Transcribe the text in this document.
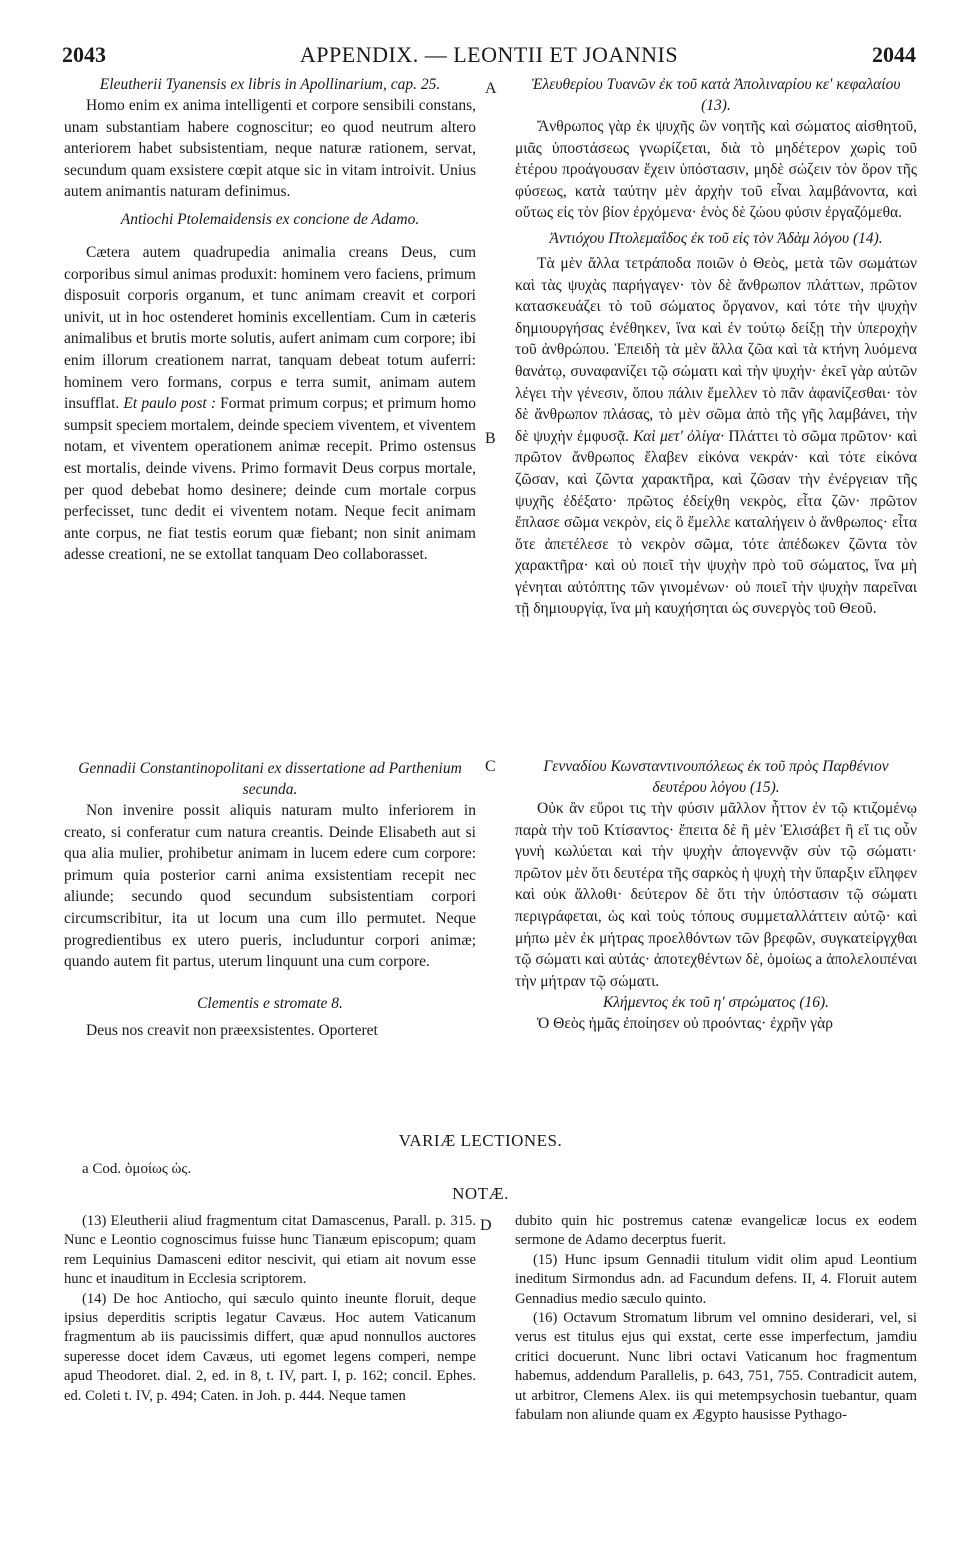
2043	APPENDIX. — LEONTII ET JOANNIS	2044
Eleutherii Tyanensis ex libris in Apollinarium, cap. 25.
Homo enim ex anima intelligenti et corpore sensibili constans, unam substantiam habere cognoscitur; eo quod neutrum altero anteriorem habet subsistentiam, neque naturæ rationem, servat, secundum quam exsistere cœpit atque sic in vitam introivit. Unius autem animantis naturam definimus.
Antiochi Ptolemaidensis ex concione de Adamo.
Cætera autem quadrupedia animalia creans Deus, cum corporibus simul animas produxit: hominem vero faciens, primum disposuit corporis organum, et tunc animam creavit et corpori univit, ut in hoc ostenderet hominis excellentiam. Cum in cæteris animalibus et brutis morte solutis, aufert animam cum corpore; ibi enim illorum creationem narrat, tanquam debeat totum auferri: hominem vero formans, corpus e terra sumit, animam autem insufflat. Et paulo post : Format primum corpus; et primum homo sumpsit speciem mortalem, deinde speciem viventem, et viventem notam, et viventem operationem animæ recepit. Primo ostensus est mortalis, deinde vivens. Primo formavit Deus corpus mortale, per quod debebat homo desinere; deinde cum mortale corpus perfecisset, tunc dedit ei viventem notam. Neque fecit animam ante corpus, ne fiat testis eorum quæ fiebant; non sinit animam adesse creationi, ne se extollat tanquam Deo collaborasset.
Gennadii Constantinopolitani ex dissertatione ad Parthenium secunda.
Non invenire possit aliquis naturam multo inferiorem in creato, si conferatur cum natura creantis. Deinde Elisabeth aut si qua alia mulier, prohibetur animam in lucem edere cum corpore: primum quia posterior carni anima exsistentiam recepit nec aliunde; secundo quod secundum subsistentiam corpori circumscribitur, ita ut locum una cum illo permutet. Neque progredientibus ex utero pueris, includuntur corpori animæ; quando autem fit partus, uterum linquunt una cum corpore.
Clementis e stromate 8.
Deus nos creavit non præexsistentes. Oporteret
Ἐλευθερίου Τυανῶν ἐκ τοῦ κατὰ Ἀπολιναρίου κε' κεφαλαίου (13).
Ἄνθρωπος γὰρ ἐκ ψυχῆς ὢν νοητῆς καὶ σώματος αἰσθητοῦ, μιᾶς ὑποστάσεως γνωρίζεται, διὰ τὸ μηδέτερον χωρὶς τοῦ ἑτέρου προάγουσαν ἔχειν ὑπόστασιν, μηδὲ σώζειν τὸν ὅρον τῆς φύσεως, κατὰ ταύτην μὲν ἀρχὴν τοῦ εἶναι λαμβάνοντα, καὶ οὕτως εἰς τὸν βίον ἐρχόμενα· ἑνὸς δὲ ζώου φύσιν ἐργαζόμεθα.
Ἀντιόχου Πτολεμαΐδος ἐκ τοῦ εἰς τὸν Ἀδὰμ λόγου (14).
Τὰ μὲν ἄλλα τετράποδα ποιῶν ὁ Θεὸς, μετὰ τῶν σωμάτων καὶ τὰς ψυχὰς παρήγαγεν· τὸν δὲ ἄνθρωπον πλάττων, πρῶτον κατασκευάζει τὸ τοῦ σώματος ὄργανον, καὶ τότε τὴν ψυχὴν δημιουργήσας ἐνέθηκεν, ἵνα καὶ ἐν τούτῳ δείξῃ τὴν ὑπεροχὴν τοῦ ἀνθρώπου. Ἐπειδὴ τὰ μὲν ἄλλα ζῶα καὶ τὰ κτήνη λυόμενα θανάτῳ, συναφανίζει τῷ σώματι καὶ τὴν ψυχήν· ἐκεῖ γὰρ αὐτῶν λέγει τὴν γένεσιν, ὅπου πάλιν ἔμελλεν τὸ πᾶν ἀφανίζεσθαι· τὸν δὲ ἄνθρωπον πλάσας, τὸ μὲν σῶμα ἀπὸ τῆς γῆς λαμβάνει, τὴν δὲ ψυχὴν ἐμφυσᾷ. Καὶ μετ' ὀλίγα· Πλάττει τὸ σῶμα πρῶτον· καὶ πρῶτον ἄνθρωπος ἔλαβεν εἰκόνα νεκράν· καὶ τότε εἰκόνα ζῶσαν, καὶ ζῶντα χαρακτῆρα, καὶ ζῶσαν τὴν ἐνέργειαν τῆς ψυχῆς ἐδέξατο· πρῶτος ἐδείχθη νεκρὸς, εἶτα ζῶν· πρῶτον ἔπλασε σῶμα νεκρὸν, εἰς ὃ ἔμελλε καταλήγειν ὁ ἄνθρωπος· εἶτα ὅτε ἀπετέλεσε τὸ νεκρὸν σῶμα, τότε ἀπέδωκεν ζῶντα τὸν χαρακτῆρα· καὶ οὐ ποιεῖ τὴν ψυχὴν πρὸ τοῦ σώματος, ἵνα μὴ γένηται αὐτόπτης τῶν γινομένων· οὐ ποιεῖ τὴν ψυχὴν παρεῖναι τῇ δημιουργίᾳ, ἵνα μὴ καυχήσηται ὡς συνεργὸς τοῦ Θεοῦ.
Γενναδίου Κωνσταντινουπόλεως ἐκ τοῦ πρὸς Παρθένιον δευτέρου λόγου (15).
Οὐκ ἂν εὕροι τις τὴν φύσιν μᾶλλον ἧττον ἐν τῷ κτιζομένῳ παρὰ τὴν τοῦ Κτίσαντος· ἔπειτα δὲ ἢ μὲν Ἐλισάβετ ἢ εἴ τις οὖν γυνὴ κωλύεται καὶ τὴν ψυχὴν ἀπογεννᾷν σὺν τῷ σώματι· πρῶτον μὲν ὅτι δευτέρα τῆς σαρκὸς ἡ ψυχὴ τὴν ὕπαρξιν εἴληφεν καὶ οὐκ ἄλλοθι· δεύτερον δὲ ὅτι τὴν ὑπόστασιν τῷ σώματι περιγράφεται, ὡς καὶ τοὺς τόπους συμμεταλλάττειν αὐτῷ· καὶ μήπω μὲν ἐκ μήτρας προελθόντων τῶν βρεφῶν, συγκατείργχθαι τῷ σώματι καὶ αὐτάς· ἀποτεχθέντων δὲ, ὁμοίως a ἀπολελοιπέναι τὴν μήτραν τῷ σώματι.
Κλήμεντος ἐκ τοῦ η' στρώματος (16).
Ὁ Θεὸς ἡμᾶς ἐποίησεν οὐ προόντας· ἐχρῆν γὰρ
A
B
C
D
VARIÆ LECTIONES.
a Cod. ὁμοίως ὡς.
NOTÆ.

(13) Eleutherii aliud fragmentum citat Damascenus, Parall. p. 315. Nunc e Leontio cognoscimus fuisse hunc Tianæum episcopum; quam rem Lequinius Damasceni editor nescivit, qui etiam ait novum esse hunc et inauditum in Ecclesia scriptorem.

(14) De hoc Antiocho, qui sæculo quinto ineunte floruit, deque ipsius deperditis scriptis legatur Cavæus. Hoc autem Vaticanum fragmentum ab iis paucissimis differt, quæ apud nonnullos auctores superesse docet idem Cavæus, uti egomet legens comperi, nempe apud Theodoret. dial. 2, ed. in 8, t. IV, part. I, p. 162; concil. Ephes. ed. Coleti t. IV, p. 494; Caten. in Joh. p. 444. Neque tamen

dubito quin hic postremus catenæ evangelicæ locus ex eodem sermone de Adamo decerptus fuerit.

(15) Hunc ipsum Gennadii titulum vidit olim apud Leontium ineditum Sirmondus adn. ad Facundum defens. II, 4. Floruit autem Gennadius medio sæculo quinto.

(16) Octavum Stromatum librum vel omnino desiderari, vel, si verus est titulus ejus qui exstat, certe esse imperfectum, jamdiu critici docuerunt. Nunc libri octavi Vaticanum hoc fragmentum habemus, addendum Parallelis, p. 643, 751, 755. Contradicit autem, ut arbitror, Clemens Alex. iis qui metempsychosin tuebantur, quam fabulam non aliunde quam ex Ægypto hausisse Pythago-
